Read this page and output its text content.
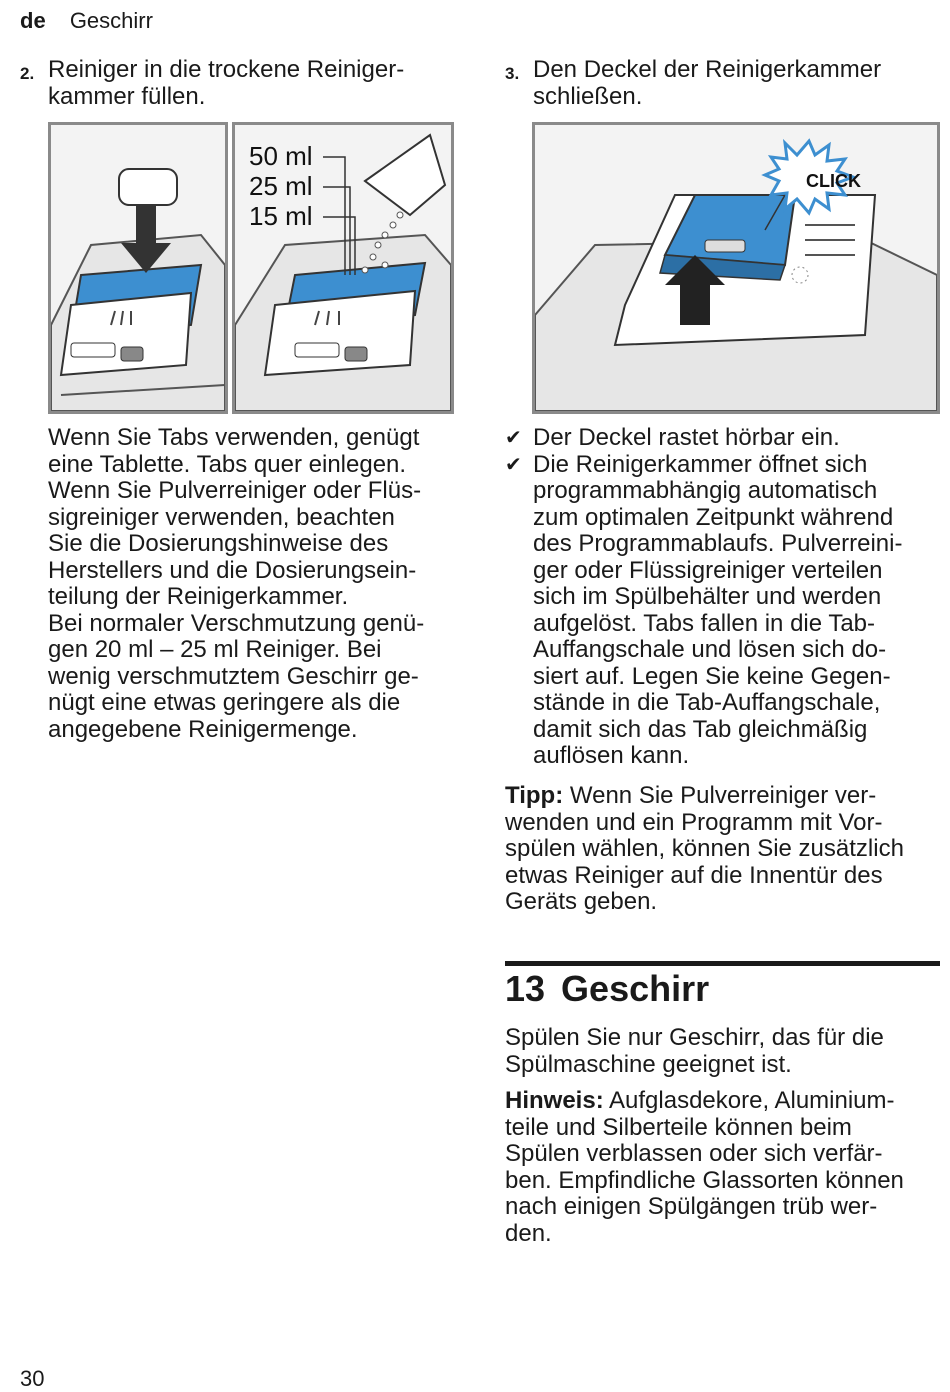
de Geschirr
2. Reiniger in die trockene Reiniger-kammer füllen.
50 ml
25 ml
15 ml

Wenn Sie Tabs verwenden, genügt

eine Tablette. Tabs quer einlegen.

Wenn Sie Pulverreiniger oder Flüs-

sigreiniger verwenden, beachten

Sie die Dosierungshinweise des

Herstellers und die Dosierungsein-

teilung der Reinigerkammer.

Bei normaler Verschmutzung genü-

gen 20 ml – 25 ml Reiniger. Bei

wenig verschmutztem Geschirr ge-

nügt eine etwas geringere als die

angegebene Reinigermenge.

3. Den Deckel der Reinigerkammer schließen.
CLICK
✔ Der Deckel rastet hörbar ein.
✔ Die Reinigerkammer öffnet sich
programmabhängig automatisch
zum optimalen Zeitpunkt während
des Programmablaufs. Pulverreini-
ger oder Flüssigreiniger verteilen
sich im Spülbehälter und werden
aufgelöst. Tabs fallen in die Tab-
Auffangschale und lösen sich do-
siert auf. Legen Sie keine Gegen-
stände in die Tab-Auffangschale,
damit sich das Tab gleichmäßig
auflösen kann.

Tipp: Wenn Sie Pulverreiniger ver-

wenden und ein Programm mit Vor-

spülen wählen, können Sie zusätzlich

etwas Reiniger auf die Innentür des

Geräts geben.

13 Geschirr

Spülen Sie nur Geschirr, das für die

Spülmaschine geeignet ist.

Hinweis: Aufglasdekore, Aluminium-

teile und Silberteile können beim

Spülen verblassen oder sich verfär-

ben. Empfindliche Glassorten können

nach einigen Spülgängen trüb wer-

den.

30
